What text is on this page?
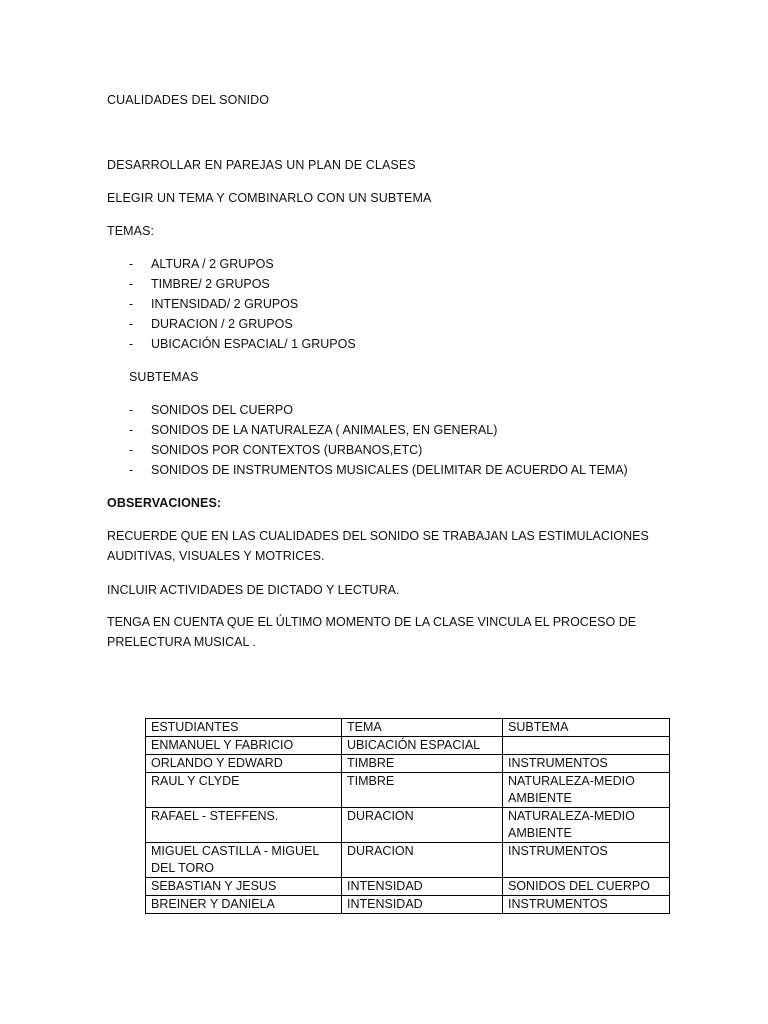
CUALIDADES DEL SONIDO

DESARROLLAR EN PAREJAS UN PLAN DE CLASES

ELEGIR UN TEMA Y COMBINARLO CON UN SUBTEMA

TEMAS:

- ALTURA / 2 GRUPOS
- TIMBRE/ 2 GRUPOS
- INTENSIDAD/ 2 GRUPOS
- DURACION / 2 GRUPOS
- UBICACIÓN ESPACIAL/ 1 GRUPOS

SUBTEMAS

- SONIDOS DEL CUERPO
- SONIDOS DE LA NATURALEZA ( ANIMALES, EN GENERAL)
- SONIDOS POR CONTEXTOS (URBANOS,ETC)
- SONIDOS DE INSTRUMENTOS MUSICALES (DELIMITAR DE ACUERDO AL TEMA)

OBSERVACIONES:

RECUERDE QUE EN LAS CUALIDADES DEL SONIDO SE TRABAJAN LAS ESTIMULACIONES AUDITIVAS, VISUALES Y MOTRICES.

INCLUIR ACTIVIDADES DE DICTADO Y LECTURA.

TENGA EN CUENTA QUE EL ÚLTIMO MOMENTO DE LA CLASE VINCULA EL PROCESO DE PRELECTURA MUSICAL .

ESTUDIANTES	TEMA	SUBTEMA
ENMANUEL Y FABRICIO	UBICACIÓN ESPACIAL	
ORLANDO Y EDWARD	TIMBRE	INSTRUMENTOS
RAUL Y CLYDE	TIMBRE	NATURALEZA-MEDIO AMBIENTE
RAFAEL - STEFFENS.	DURACION	NATURALEZA-MEDIO AMBIENTE
MIGUEL CASTILLA - MIGUEL DEL TORO	DURACION	INSTRUMENTOS
SEBASTIAN Y JESUS	INTENSIDAD	SONIDOS DEL CUERPO
BREINER Y DANIELA	INTENSIDAD	INSTRUMENTOS
